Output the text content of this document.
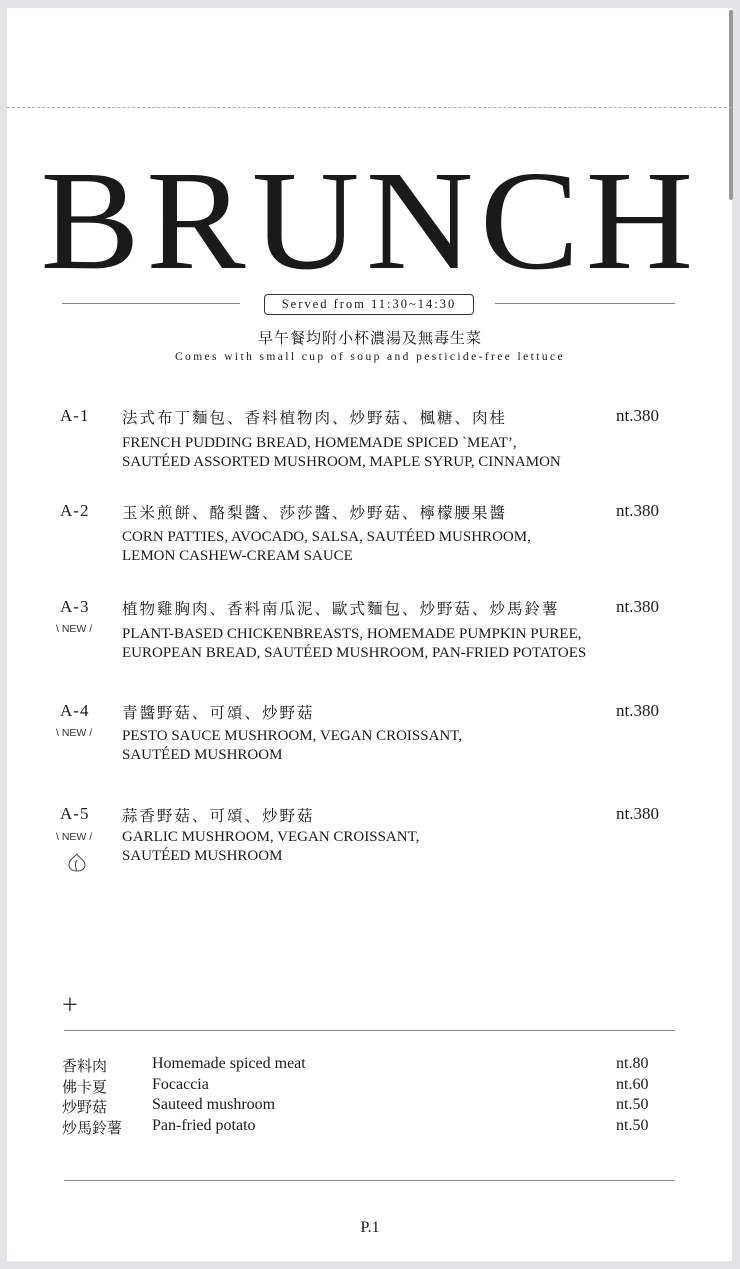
BRUNCH
Served from 11:30~14:30
早午餐均附小杯濃湯及無毒生菜
Comes with small cup of soup and pesticide-free lettuce
A-1 法式布丁麵包、香料植物肉、炒野菇、楓糖、肉桂	nt.380
FRENCH PUDDING BREAD, HOMEMADE SPICED `MEAT’,
SAUTÉED ASSORTED MUSHROOM, MAPLE SYRUP, CINNAMON
A-2 玉米煎餅、酪梨醬、莎莎醬、炒野菇、檸檬腰果醬	nt.380
CORN PATTIES, AVOCADO, SALSA, SAUTÉED MUSHROOM,
LEMON CASHEW-CREAM SAUCE
A-3
\ NEW /
植物雞胸肉、香料南瓜泥、歐式麵包、炒野菇、炒馬鈴薯	nt.380
PLANT-BASED CHICKENBREASTS, HOMEMADE PUMPKIN PUREE,
EUROPEAN BREAD, SAUTÉED MUSHROOM, PAN-FRIED POTATOES
A-4
\ NEW /
青醬野菇、可頌、炒野菇	nt.380
PESTO SAUCE MUSHROOM, VEGAN CROISSANT,
SAUTÉED MUSHROOM
A-5
\ NEW /
蒜香野菇、可頌、炒野菇	nt.380
GARLIC MUSHROOM, VEGAN CROISSANT,
SAUTÉED MUSHROOM
+
香料肉	Homemade spiced meat	nt.80
佛卡夏	Focaccia	nt.60
炒野菇	Sauteed mushroom	nt.50
炒馬鈴薯 Pan-fried potato	nt.50
P.1
